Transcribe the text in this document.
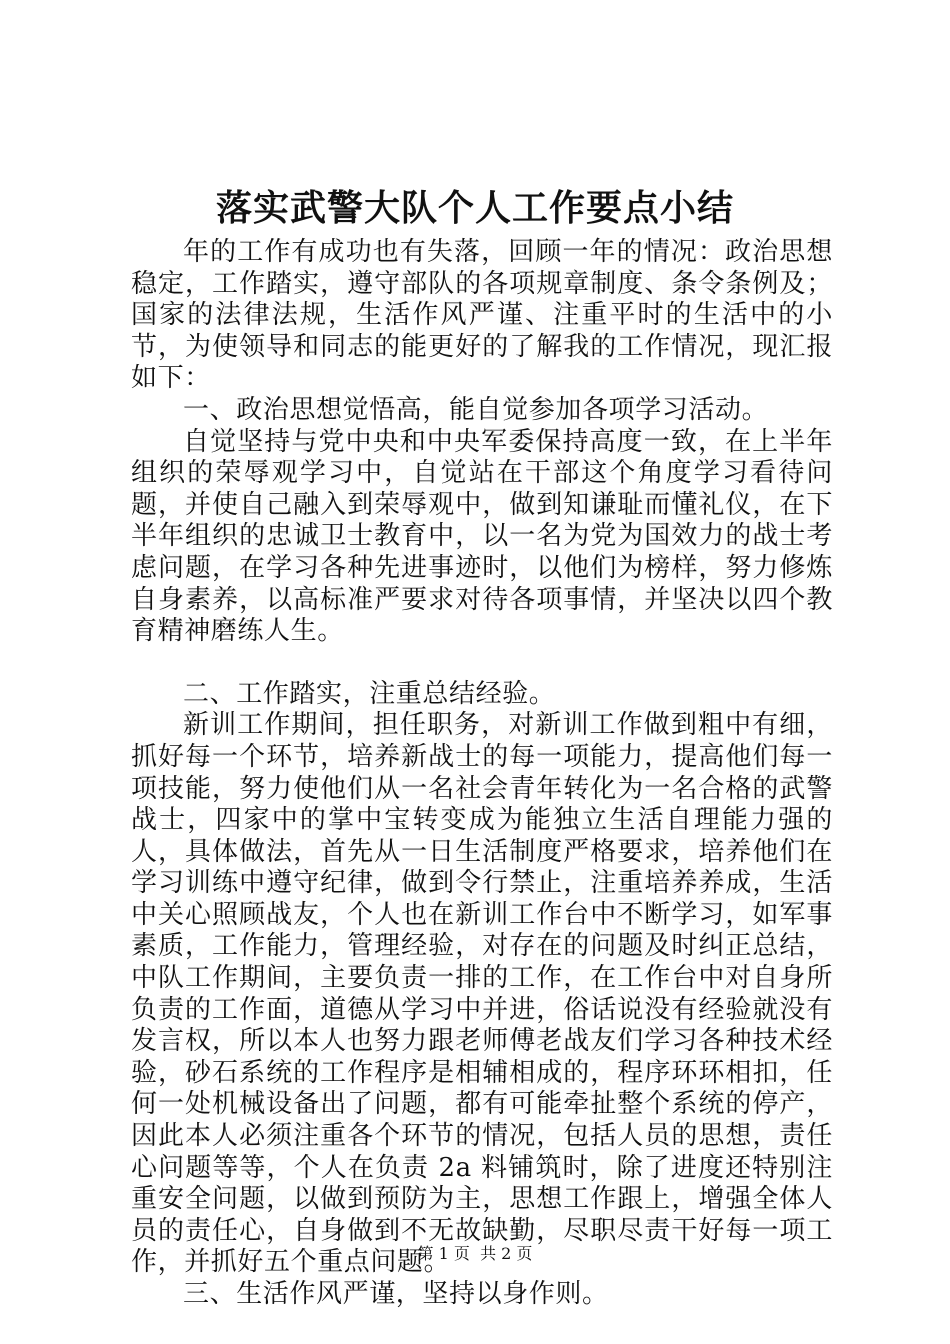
落实武警大队个人工作要点小结

年的工作有成功也有失落，回顾一年的情况：政治思想稳定，工作踏实，遵守部队的各项规章制度、条令条例及；国家的法律法规，生活作风严谨、注重平时的生活中的小节，为使领导和同志的能更好的了解我的工作情况，现汇报如下：

一、政治思想觉悟高，能自觉参加各项学习活动。

自觉坚持与党中央和中央军委保持高度一致，在上半年组织的荣辱观学习中，自觉站在干部这个角度学习看待问题，并使自己融入到荣辱观中，做到知谦耻而懂礼仪，在下半年组织的忠诚卫士教育中，以一名为党为国效力的战士考虑问题，在学习各种先进事迹时，以他们为榜样，努力修炼自身素养，以高标准严要求对待各项事情，并坚决以四个教育精神磨练人生。

二、工作踏实，注重总结经验。

新训工作期间，担任职务，对新训工作做到粗中有细，抓好每一个环节，培养新战士的每一项能力，提高他们每一项技能，努力使他们从一名社会青年转化为一名合格的武警战士，四家中的掌中宝转变成为能独立生活自理能力强的人，具体做法，首先从一日生活制度严格要求，培养他们在学习训练中遵守纪律，做到令行禁止，注重培养养成，生活中关心照顾战友，个人也在新训工作台中不断学习，如军事素质，工作能力，管理经验，对存在的问题及时纠正总结，中队工作期间，主要负责一排的工作，在工作台中对自身所负责的工作面，道德从学习中并进，俗话说没有经验就没有发言权，所以本人也努力跟老师傅老战友们学习各种技术经验，砂石系统的工作程序是相辅相成的，程序环环相扣，任何一处机械设备出了问题，都有可能牵扯整个系统的停产，因此本人必须注重各个环节的情况，包括人员的思想，责任心问题等等，个人在负责 2a 料铺筑时，除了进度还特别注重安全问题，以做到预防为主，思想工作跟上，增强全体人员的责任心，自身做到不无故缺勤，尽职尽责干好每一项工作，并抓好五个重点问题。

三、生活作风严谨，坚持以身作则。

第 1 页  共 2 页
